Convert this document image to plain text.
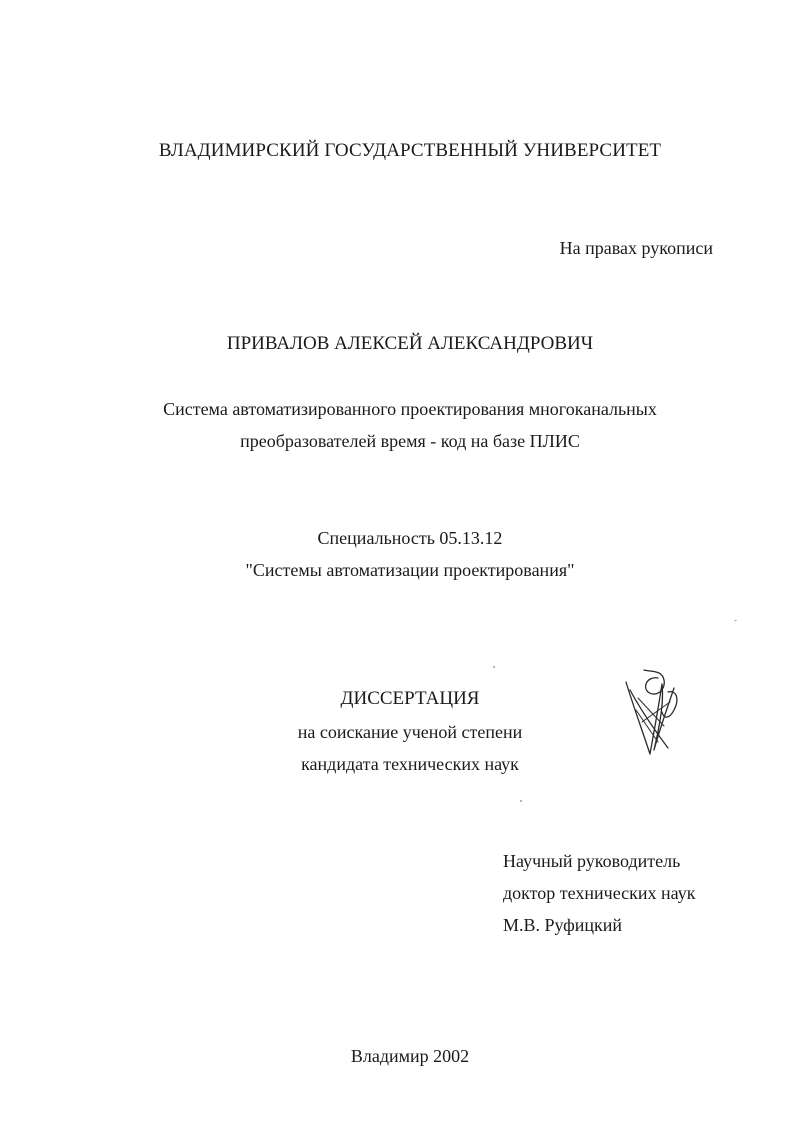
ВЛАДИМИРСКИЙ ГОСУДАРСТВЕННЫЙ УНИВЕРСИТЕТ
На правах рукописи
ПРИВАЛОВ АЛЕКСЕЙ АЛЕКСАНДРОВИЧ
Система автоматизированного проектирования многоканальных
преобразователей время - код на базе ПЛИС
Специальность 05.13.12
"Системы автоматизации проектирования"
ДИССЕРТАЦИЯ
на соискание ученой степени
кандидата технических наук
Научный руководитель
доктор технических наук
М.В. Руфицкий
Владимир 2002
